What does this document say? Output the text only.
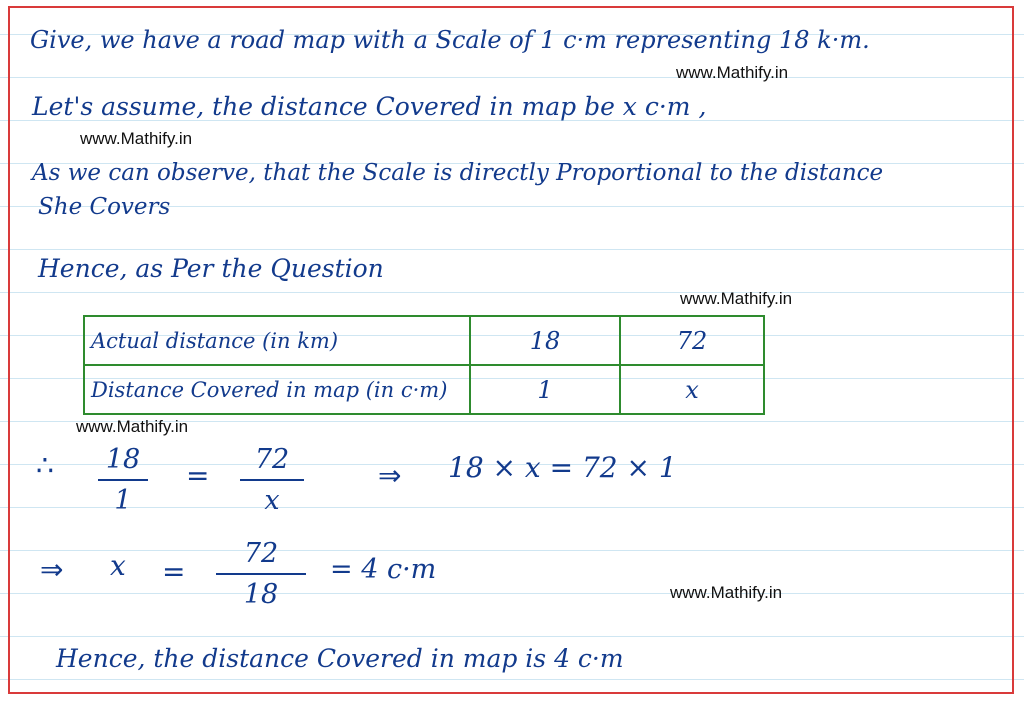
Give, we have a road map with a Scale of 1 c·m representing 18 k·m.
www.Mathify.in
Let's assume, the distance Covered in map be x c·m ,
www.Mathify.in
As we can observe, that the Scale is directly Proportional to the distance
She Covers
Hence, as Per the Question
www.Mathify.in
Actual distance (in km)	18	72
Distance Covered in map (in c·m)	1	x
www.Mathify.in
∴ 18
1
=	72
x
⇒ 18 × x = 72 × 1
⇒ x =
72
18
= 4 c·m
www.Mathify.in
Hence, the distance Covered in map is 4 c·m
